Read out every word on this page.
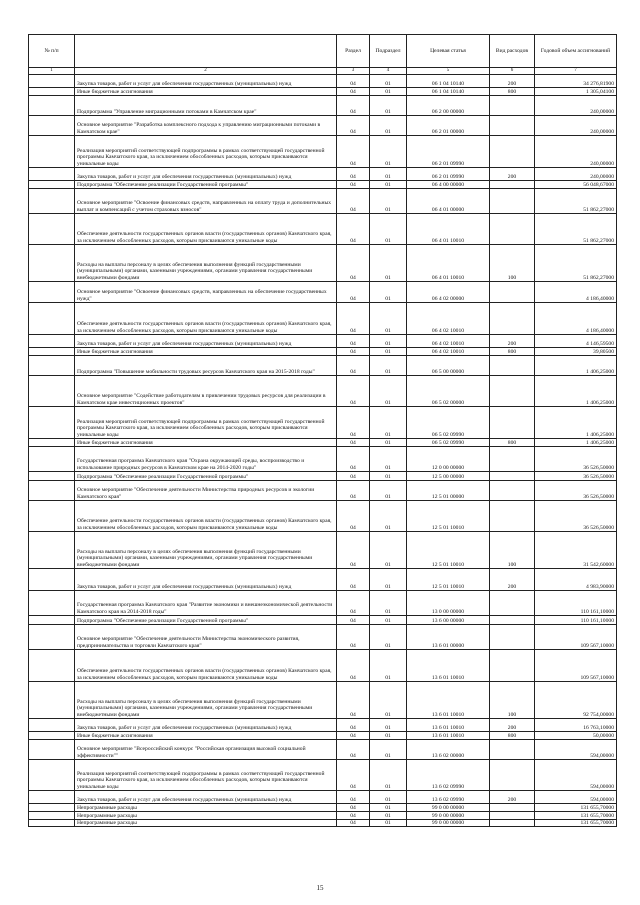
№ п/п		Раздел	Подраздел	Целевая статья	Вид расходов	Годовой объем ассигнований
1	2	3	4	5	6	7
	Закупка товаров, работ и услуг для обеспечения государственных (муниципальных) нужд	04	01	06 1 04 10140	200	34 276,81900
	Иные бюджетные ассигнования	04	01	06 1 04 10140	800	1 305,04100
	Подпрограмма "Управление миграционными потоками в Камчатском крае"	04	01	06 2 00 00000		240,00000
	Основное мероприятие "Разработка комплексного подхода к управлению миграционными потоками в Камчатском крае"	04	01	06 2 01 00000		240,00000
	Реализация мероприятий соответствующей подпрограммы в рамках соответствующей государственной программы Камчатского края, за исключением обособленных расходов, которым присваиваются уникальные коды	04	01	06 2 01 09990		240,00000
	Закупка товаров, работ и услуг для обеспечения государственных (муниципальных) нужд	04	01	06 2 01 09990	200	240,00000
	Подпрограмма "Обеспечение реализации Государственной программы"	04	01	06 4 00 00000		56 048,67000
	Основное мероприятие "Освоение финансовых средств, направленных на оплату труда и дополнительных выплат и компенсаций с учетом страховых взносов"	04	01	06 4 01 00000		51 862,27000
	Обеспечение деятельности государственных органов власти (государственных органов) Камчатского края, за исключением обособленных расходов, которым присваиваются уникальные коды	04	01	06 4 01 10010		51 862,27000
	Расходы на выплаты персоналу в целях обеспечения выполнения функций государственными (муниципальными) органами, казенными учреждениями, органами управления государственными внебюджетными фондами	04	01	06 4 01 10010	100	51 862,27000
	Основное мероприятие "Освоение финансовых средств, направленных на обеспечение государственных нужд"	04	01	06 4 02 00000		4 186,40000
	Обеспечение деятельности государственных органов власти (государственных органов) Камчатского края, за исключением обособленных расходов, которым присваиваются уникальные коды	04	01	06 4 02 10010		4 186,40000
	Закупка товаров, работ и услуг для обеспечения государственных (муниципальных) нужд	04	01	06 4 02 10010	200	4 146,59500
	Иные бюджетные ассигнования	04	01	06 4 02 10010	800	39,80500
	Подпрограмма "Повышение мобильности трудовых ресурсов Камчатского края на 2015-2018 годы"	04	01	06 5 00 00000		1 406,25000
	Основное мероприятие "Содействие работодателям в привлечении трудовых ресурсов для реализации в Камчатском крае инвестиционных проектов"	04	01	06 5 02 00000		1 406,25000
	Реализация мероприятий соответствующей подпрограммы в рамках соответствующей государственной программы Камчатского края, за исключением обособленных расходов, которым присваиваются уникальные коды	04	01	06 5 02 09990		1 406,25000
	Иные бюджетные ассигнования	04	01	06 5 02 09990	800	1 406,25000
	Государственная программа Камчатского края "Охрана окружающей среды, воспроизводство и использование природных ресурсов в Камчатском крае на 2014-2020 годы"	04	01	12 0 00 00000		36 526,50000
	Подпрограмма "Обеспечение реализации Государственной программы"	04	01	12 5 00 00000		36 526,50000
	Основное мероприятие "Обеспечение деятельности Министерства природных ресурсов и экологии Камчатского края"	04	01	12 5 01 00000		36 526,50000
	Обеспечение деятельности государственных органов власти (государственных органов) Камчатского края, за исключением обособленных расходов, которым присваиваются уникальные коды	04	01	12 5 01 10010		36 526,50000
	Расходы на выплаты персоналу в целях обеспечения выполнения функций государственными (муниципальными) органами, казенными учреждениями, органами управления государственными внебюджетными фондами	04	01	12 5 01 10010	100	31 542,60000
	Закупка товаров, работ и услуг для обеспечения государственных (муниципальных) нужд	04	01	12 5 01 10010	200	4 983,90000
	Государственная программа Камчатского края "Развитие экономики и внешнеэкономической деятельности Камчатского края на 2014-2018 годы"	04	01	13 0 00 00000		110 161,10000
	Подпрограмма "Обеспечение реализации Государственной программы"	04	01	13 6 00 00000		110 161,10000
	Основное мероприятие "Обеспечение деятельности Министерства экономического развития, предпринимательства и торговли Камчатского края"	04	01	13 6 01 00000		109 567,10000
	Обеспечение деятельности государственных органов власти (государственных органов) Камчатского края, за исключением обособленных расходов, которым присваиваются уникальные коды	04	01	13 6 01 10010		109 567,10000
	Расходы на выплаты персоналу в целях обеспечения выполнения функций государственными (муниципальными) органами, казенными учреждениями, органами управления государственными внебюджетными фондами	04	01	13 6 01 10010	100	92 754,00000
	Закупка товаров, работ и услуг для обеспечения государственных (муниципальных) нужд	04	01	13 6 01 10010	200	16 763,10000
	Иные бюджетные ассигнования	04	01	13 6 01 10010	800	50,00000
	Основное мероприятие "Всероссийский конкурс "Российская организация высокой социальной эффективности""	04	01	13 6 02 00000		594,00000
	Реализация мероприятий соответствующей подпрограммы в рамках соответствующей государственной программы Камчатского края, за исключением обособленных расходов, которым присваиваются уникальные коды	04	01	13 6 02 09990		594,00000
	Закупка товаров, работ и услуг для обеспечения государственных (муниципальных) нужд	04	01	13 6 02 09990	200	594,00000
	Непрограммные расходы	04	01	99 0 00 00000		131 655,70000
	Непрограммные расходы	04	01	99 0 00 00000		131 655,70000
	Непрограммные расходы	04	01	99 0 00 00000		131 655,70000
15
